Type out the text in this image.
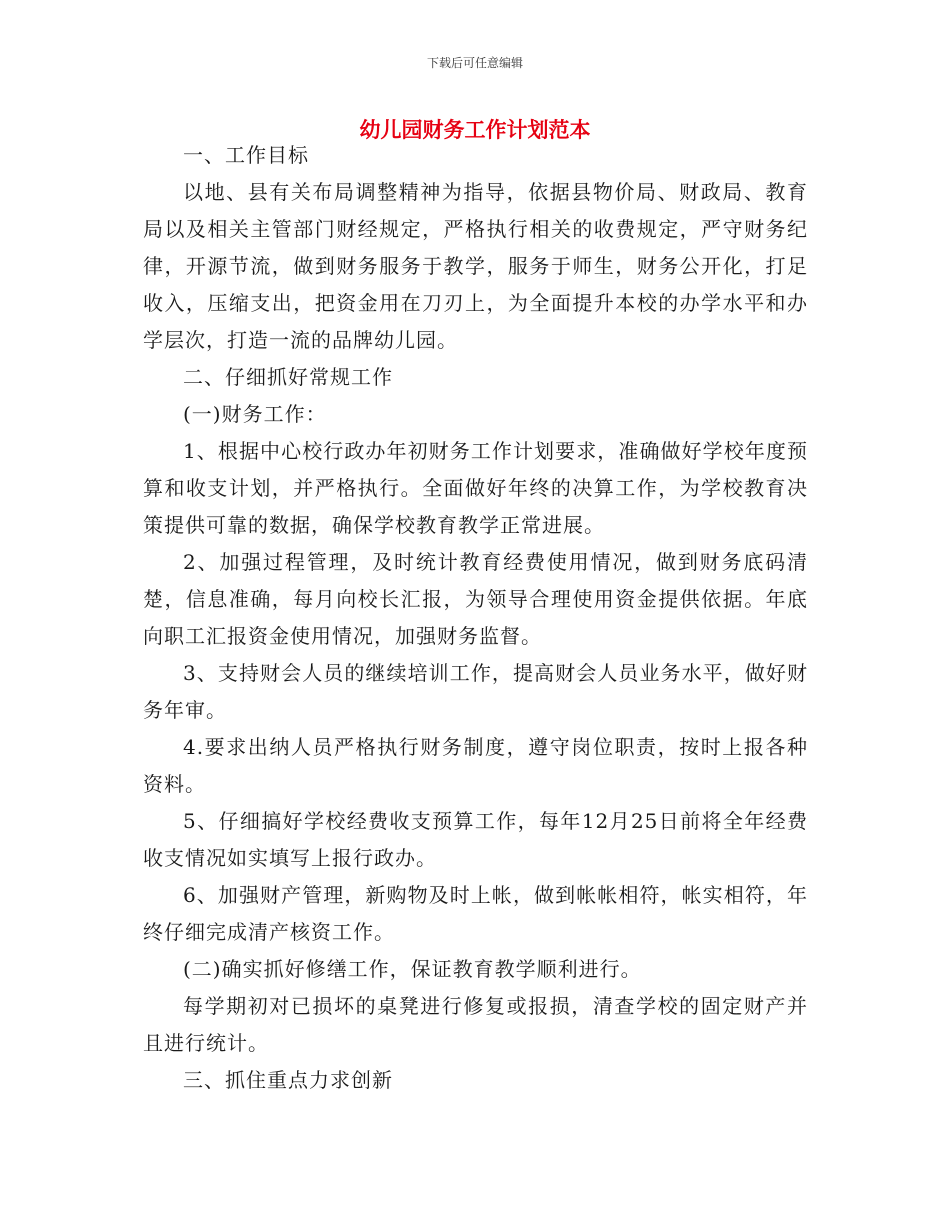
下载后可任意编辑
幼儿园财务工作计划范本

一、工作目标

以地、县有关布局调整精神为指导，依据县物价局、财政局、教育局以及相关主管部门财经规定，严格执行相关的收费规定，严守财务纪律，开源节流，做到财务服务于教学，服务于师生，财务公开化，打足收入，压缩支出，把资金用在刀刃上，为全面提升本校的办学水平和办学层次，打造一流的品牌幼儿园。

二、仔细抓好常规工作

(一)财务工作：

1、根据中心校行政办年初财务工作计划要求，准确做好学校年度预算和收支计划，并严格执行。全面做好年终的决算工作，为学校教育决策提供可靠的数据，确保学校教育教学正常进展。

2、加强过程管理，及时统计教育经费使用情况，做到财务底码清楚，信息准确，每月向校长汇报，为领导合理使用资金提供依据。年底向职工汇报资金使用情况，加强财务监督。

3、支持财会人员的继续培训工作，提高财会人员业务水平，做好财务年审。

4.要求出纳人员严格执行财务制度，遵守岗位职责，按时上报各种资料。

5、仔细搞好学校经费收支预算工作，每年12月25日前将全年经费收支情况如实填写上报行政办。

6、加强财产管理，新购物及时上帐，做到帐帐相符，帐实相符，年终仔细完成清产核资工作。

(二)确实抓好修缮工作，保证教育教学顺利进行。

每学期初对已损坏的桌凳进行修复或报损，清查学校的固定财产并且进行统计。

三、抓住重点力求创新
